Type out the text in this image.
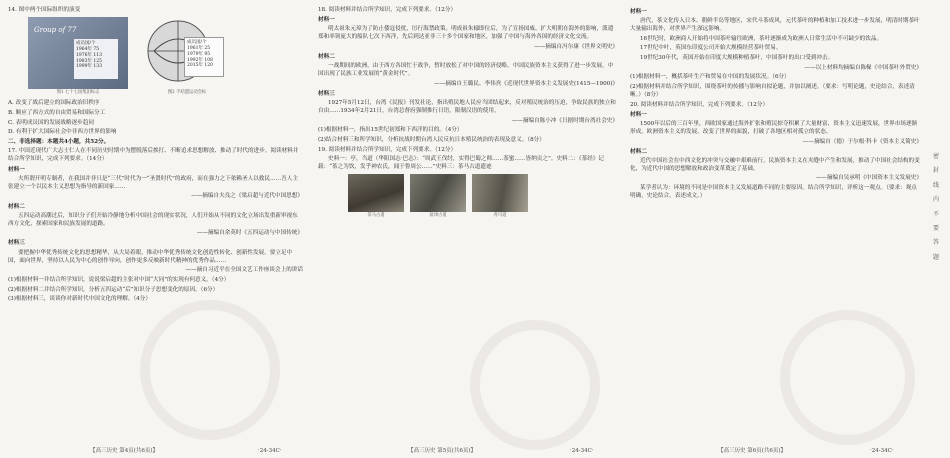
14. 图中两个国际组织的演变

Group of 77
成员国/个
1964年 75
1976年 113
1983年 125
1999年 133
图1 七十七国集团标志
成员国/个
1961年 25
1979年 95
1992年 108
2015年 120
图2 不结盟运动会标

A. 改变了战后建立的国际政治旧秩序

B. 顺应了西方式的自由贸易和国际分工

C. 表明成员国的发展战略逐步趋同

D. 有利于扩大国际社会中非西方世界的影响

二、非选择题：本题共4小题，共52分。

17. 中国近现代广大志士仁人在不同历史时期中为摆脱落后挨打、不断追求思想解放、推动了时代的进步。阅读材料并结合所学知识，完成下列要求。（14分）

材料一

夫所谓开明专制者，在我国并非只是“三代”时代为一“圣贤时代”的政府，而在强力之下依赖圣人以救民……吾人主张建立一个以民本主义思想为指导的新国家……

——摘编自夫良之《梁启超与近代中国思想》

材料二

五四运动高潮过后，知识分子们开始冷静地分析中国社会的现实状况，人们开始从不同的文化立场出发重新审视东西方文化，探索国家和民族发展的道路。

——摘编自余英时《五四运动与中国传统》

材料三

要把握中华优秀传统文化的思想精华，从大局着眼，推动中华优秀传统文化创造性转化、创新性发展。要立足中国，面向世界，坚持以人民为中心的创作导向，创作更多反映新时代精神的优秀作品……

——摘自习近平在全国文艺工作座谈会上的讲话

(1)根据材料一并结合所学知识，说说梁启超的主张对中国“大同”的实现有何意义。（4分）

(2)根据材料二并结合所学知识，分析五四运动“后”知识分子思想变化的原因。（6分）

(3)根据材料三，谈谈你对新时代中国文化的理解。（4分）

【高三历史 第4页(共6页)】	·24-34C·

18. 阅读材料并结合所学知识，完成下列要求。（12分）

材料一

明太祖朱元璋为了防止倭寇侵扰，厉行海禁政策。明成祖朱棣即位后，为了宣扬国威、扩大明朝在海外的影响，派遣郑和率领庞大的船队七次下西洋，先后到达亚非三十多个国家和地区，加强了中国与海外各国的经济文化交流。

——摘编自冯尔康《世界文明史》

材料二

一战期间的欧洲，由于西方各国忙于战争，暂时放松了对中国的经济侵略，中国民族资本主义获得了进一步发展，中国出现了民族工业发展的“黄金时代”。

——摘编自王璐民、李伟焘《近现代世界资本主义发展史(1415—1900)》

材料三

1927年5月12日，台湾《民报》刊发社论，指出殖民地人民应当团结起来，反对殖民统治的压迫，争取民族的独立和自由……1934年2月21日，台湾总督府强制推行日语，限制汉语的使用。

——摘编自陈小冲《日据时期台湾社会史》

(1)根据材料一，指出15世纪初郑和下西洋的目的。（4分）

(2)结合材料三和所学知识，分析抗战时期台湾人民反抗日本殖民统治的表现及意义。（8分）

19. 阅读材料并结合所学知识，完成下列要求。（12分）

史料一：亭，当道（华阳国志·巴志）：“周武王伐纣，实得巴蜀之师……茶蜜……皆纳贡之”。史料二：《茶经》记载：“茶之为饮，发乎神农氏，闻于鲁周公……”史料三：茶马古道遗迹

茶马古道	盐津古道	青川道
【高三历史 第5页(共6页)】	·24-34C·

材料一

唐代，茶文化传入日本、朝鲜半岛等地区，宋代斗茶成风，元代茶叶的种植和加工技术进一步发展，明清时期茶叶大量输出海外，对世界产生深远影响。

16世纪时，欧洲商人开始将中国茶叶输往欧洲，茶叶逐渐成为欧洲人日常生活中不可缺少的饮品。

17世纪中叶，英国东印度公司开始大规模经营茶叶贸易。

19世纪30年代，英国开始在印度大规模种植茶叶，中国茶叶的出口受到冲击。

——以上材料均摘编自陈椽《中国茶叶外贸史》

(1)根据材料一，概括茶叶生产和贸易在中国的发展状况。（6分）

(2)根据材料并结合所学知识，围绕茶叶的传播与影响自拟论题，并加以阐述。（要求：写明论题，史论结合，表述清晰。）（8分）

20. 阅读材料并结合所学知识，完成下列要求。（12分）

材料一

1500年以后的三百年里，西欧国家通过海外扩张和殖民掠夺积累了大量财富，资本主义迅速发展，世界市场逐渐形成。欧洲资本主义的发展，改变了世界的面貌，打破了各地区相对孤立的状态。

——摘编自（德）于尔根·科卡《资本主义简史》

材料二

近代中国社会在中西文化的冲突与交融中艰难前行，民族资本主义在夹缝中产生和发展，推动了中国社会结构的变化，为近代中国的思想解放和政治变革奠定了基础。

——摘编自吴承明《中国资本主义发展史》

某学者认为：环境的不同是中国资本主义发展道路不同的主要原因。结合所学知识，评析这一观点。（要求：观点明确，史论结合，表述成文。）

【高三历史 第6页(共6页)】	·24-34C·
密
封
线
内
不
要
答
题
